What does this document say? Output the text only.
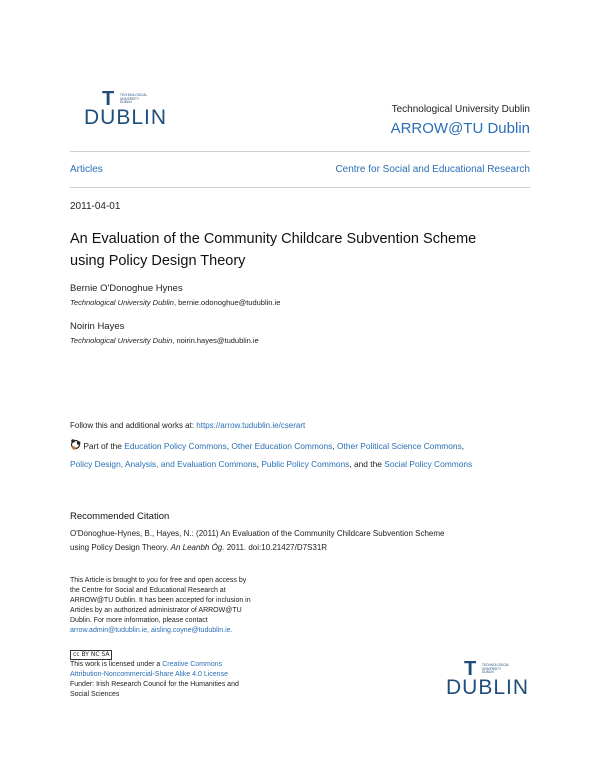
T TECHNOLOGICAL
UNIVERSITY
DUBLIN
DUBLIN	Technological University Dublin
ARROW@TU Dublin
Articles	Centre for Social and Educational Research
2011-04-01
An Evaluation of the Community Childcare Subvention Scheme
using Policy Design Theory
Bernie O'Donoghue Hynes
Technological University Dublin, bernie.odonoghue@tudublin.ie
Noirin Hayes
Technological University Dubin, noirin.hayes@tudublin.ie
Follow this and additional works at: https://arrow.tudublin.ie/cserart
Part of the Education Policy Commons, Other Education Commons, Other Political Science Commons,
Policy Design, Analysis, and Evaluation Commons, Public Policy Commons, and the Social Policy Commons
Recommended Citation
O'Donoghue-Hynes, B., Hayes, N.: (2011) An Evaluation of the Community Childcare Subvention Scheme
using Policy Design Theory. An Leanbh Óg. 2011. doi:10.21427/D7S31R
This Article is brought to you for free and open access by
the Centre for Social and Educational Research at
ARROW@TU Dublin. It has been accepted for inclusion in
Articles by an authorized administrator of ARROW@TU
Dublin. For more information, please contact
arrow.admin@tudublin.ie, aisling.coyne@tudublin.ie.
cc BY NC SA
This work is licensed under a Creative Commons
Attribution-Noncommercial-Share Alike 4.0 License
Funder: Irish Research Council for the Humanities and
Social Sciences
T TECHNOLOGICAL
UNIVERSITY
DUBLIN
DUBLIN
